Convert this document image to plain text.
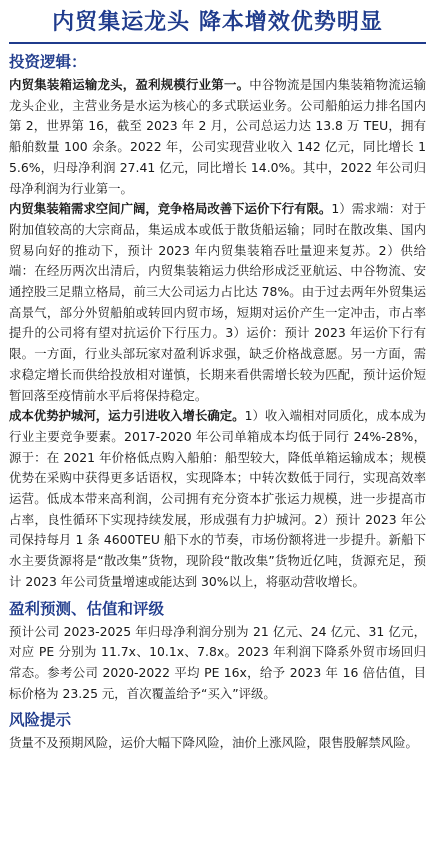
内贸集运龙头 降本增效优势明显
投资逻辑：

内贸集装箱运输龙头，盈利规模行业第一。中谷物流是国内集装箱物流运输龙头企业，主营业务是水运为核心的多式联运业务。公司船舶运力排名国内第 2，世界第 16，截至 2023 年 2 月，公司总运力达 13.8 万 TEU，拥有船舶数量 100 余条。2022 年，公司实现营业收入 142 亿元，同比增长 15.6%，归母净利润 27.41 亿元，同比增长 14.0%。其中，2022 年公司归母净利润为行业第一。

内贸集装箱需求空间广阔，竞争格局改善下运价下行有限。1）需求端：对于附加值较高的大宗商品，集运成本或低于散货船运输；同时在散改集、国内贸易向好的推动下，预计 2023 年内贸集装箱吞吐量迎来复苏。2）供给端：在经历两次出清后，内贸集装箱运力供给形成泛亚航运、中谷物流、安通控股三足鼎立格局，前三大公司运力占比达 78%。由于过去两年外贸集运高景气，部分外贸船舶或转回内贸市场，短期对运价产生一定冲击，市占率提升的公司将有望对抗运价下行压力。3）运价：预计 2023 年运价下行有限。一方面，行业头部玩家对盈利诉求强，缺乏价格战意愿。另一方面，需求稳定增长而供给投放相对谨慎，长期来看供需增长较为匹配，预计运价短暂回落至疫情前水平后将保持稳定。

成本优势护城河，运力引进收入增长确定。1）收入端相对同质化，成本成为行业主要竞争要素。2017-2020 年公司单箱成本均低于同行 24%-28%，源于：在 2021 年价格低点购入船舶：船型较大，降低单箱运输成本；规模优势在采购中获得更多话语权，实现降本；中转次数低于同行，实现高效率运营。低成本带来高利润，公司拥有充分资本扩张运力规模，进一步提高市占率，良性循环下实现持续发展，形成强有力护城河。2）预计 2023 年公司保持每月 1 条 4600TEU 船下水的节奏，市场份额将进一步提升。新船下水主要货源将是“散改集”货物，现阶段“散改集”货物近亿吨，货源充足，预计 2023 年公司货量增速或能达到 30%以上，将驱动营收增长。

盈利预测、估值和评级

预计公司 2023-2025 年归母净利润分别为 21 亿元、24 亿元、31 亿元，对应 PE 分别为 11.7x、10.1x、7.8x。2023 年利润下降系外贸市场回归常态。参考公司 2020-2022 平均 PE 16x，给予 2023 年 16 倍估值，目标价格为 23.25 元，首次覆盖给予“买入”评级。

风险提示

货量不及预期风险，运价大幅下降风险，油价上涨风险，限售股解禁风险。
